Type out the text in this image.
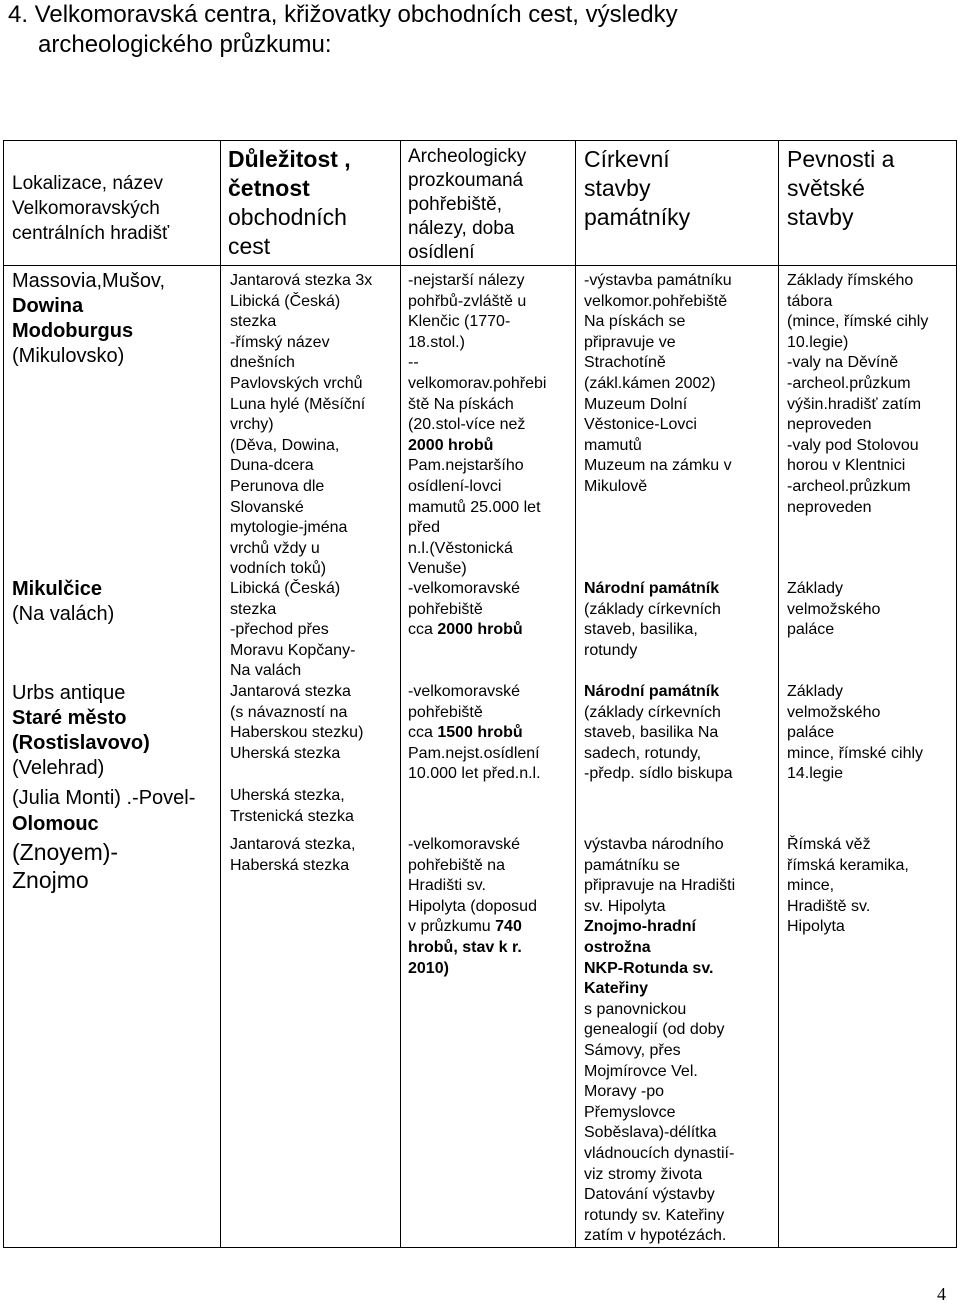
4. Velkomoravská centra, křižovatky obchodních cest, výsledky
archeologického průzkumu:
Lokalizace, název
Velkomoravských
centrálních hradišť
Důležitost ,
četnost
obchodních
cest
Archeologicky
prozkoumaná
pohřebiště,
nálezy, doba
osídlení
Církevní
stavby
památníky
Pevnosti a
světské
stavby
Massovia,Mušov,
Dowina
Modoburgus
(Mikulovsko)
Mikulčice
(Na valách)
Urbs antique
Staré město
(Rostislavovo)
(Velehrad)
(Julia Monti) .-Povel-
Olomouc
(Znoyem)-
Znojmo
Jantarová stezka 3x
Libická (Česká)
stezka
-římský název
dnešních
Pavlovských vrchů
Luna hylé (Měsíční
vrchy)
(Děva, Dowina,
Duna-dcera
Perunova dle
Slovanské
mytologie-jména
vrchů vždy u
vodních toků)
Libická (Česká)
stezka
-přechod přes
Moravu Kopčany-
Na valách
Jantarová stezka
(s návazností na
Haberskou stezku)
Uherská stezka
Uherská stezka,
Trstenická stezka
Jantarová stezka,
Haberská stezka
-nejstarší nálezy
pohřbů-zvláště u
Klenčic (1770-
18.stol.)
--
velkomorav.pohřebi
ště Na pískách
(20.stol-více než
2000 hrobů
Pam.nejstaršího
osídlení-lovci
mamutů 25.000 let
před
n.l.(Věstonická
Venuše)
-velkomoravské
pohřebiště
cca 2000 hrobů
-velkomoravské
pohřebiště
cca 1500 hrobů
Pam.nejst.osídlení
10.000 let před.n.l.
-velkomoravské
pohřebiště na
Hradišti sv.
Hipolyta (doposud
v průzkumu 740
hrobů, stav k r.
2010)
-výstavba památníku
velkomor.pohřebiště
Na pískách se
připravuje ve
Strachotíně
(zákl.kámen 2002)
Muzeum Dolní
Věstonice-Lovci
mamutů
Muzeum na zámku v
Mikulově
Národní památník
(základy církevních
staveb, basilika,
rotundy
Národní památník
(základy církevních
staveb, basilika Na
sadech, rotundy,
-předp. sídlo biskupa
výstavba národního
památníku se
připravuje na Hradišti
sv. Hipolyta
Znojmo-hradní
ostrožna
NKP-Rotunda sv.
Kateřiny
s panovnickou
genealogií (od doby
Sámovy, přes
Mojmírovce Vel.
Moravy -po
Přemyslovce
Soběslava)-délítka
vládnoucích dynastií-
viz stromy života
Datování výstavby
rotundy sv. Kateřiny
zatím v hypotézách.
Základy římského
tábora
(mince, římské cihly
10.legie)
-valy na Děvíně
-archeol.průzkum
výšin.hradišť zatím
neproveden
-valy pod Stolovou
horou v Klentnici
-archeol.průzkum
neproveden
Základy
velmožského
paláce
Základy
velmožského
paláce
mince, římské cihly
14.legie
Římská věž
římská keramika,
mince,
Hradiště sv.
Hipolyta
4
